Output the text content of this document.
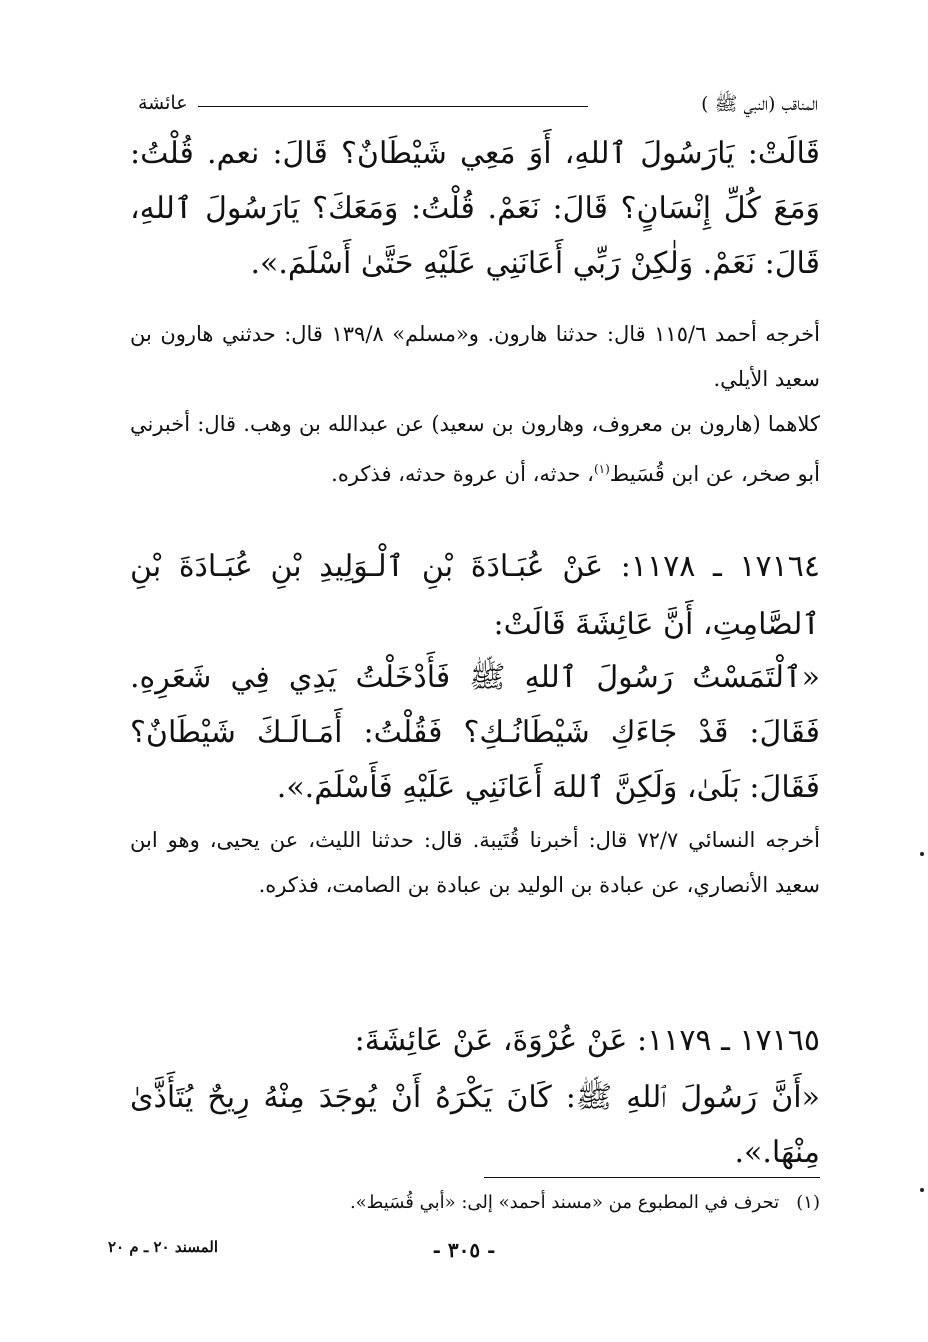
المناقب (النبي ﷺ )
عائشة
قَالَتْ: يَارَسُولَ ٱللهِ، أَوَ مَعِي شَيْطَانٌ؟ قَالَ: نعم. قُلْتُ: وَمَعَ كُلِّ إِنْسَانٍ؟ قَالَ: نَعَمْ. قُلْتُ: وَمَعَكَ؟ يَارَسُولَ ٱللهِ، قَالَ: نَعَمْ. وَلٰكِنْ رَبِّي أَعَانَنِي عَلَيْهِ حَتَّىٰ أَسْلَمَ.».
أخرجه أحمد ١١٥/٦ قال: حدثنا هارون. و«مسلم» ١٣٩/٨ قال: حدثني هارون بن سعيد الأيلي.
كلاهما (هارون بن معروف، وهارون بن سعيد) عن عبدالله بن وهب. قال: أخبرني أبو صخر، عن ابن قُسَيط$^{(١)}$، حدثه، أن عروة حدثه، فذكره.
١٧١٦٤ ـ ١١٧٨: عَنْ عُبَـادَةَ بْنِ ٱلْـوَلِيدِ بْنِ عُبَـادَةَ بْنِ ٱلصَّامِتِ، أَنَّ عَائِشَةَ قَالَتْ:
«ٱلْتَمَسْتُ رَسُولَ ٱللهِ ﷺ فَأَدْخَلْتُ يَدِي فِي شَعَرِهِ. فَقَالَ: قَدْ جَاءَكِ شَيْطَانُـكِ؟ فَقُلْتُ: أَمَـالَـكَ شَيْطَانٌ؟ فَقَالَ: بَلَىٰ، وَلَكِنَّ ٱللهَ أَعَانَنِي عَلَيْهِ فَأَسْلَمَ.».
أخرجه النسائي ٧٢/٧ قال: أخبرنا قُتَيبة. قال: حدثنا الليث، عن يحيى، وهو ابن سعيد الأنصاري، عن عبادة بن الوليد بن عبادة بن الصامت، فذكره.
١٧١٦٥ ـ ١١٧٩: عَنْ عُرْوَةَ، عَنْ عَائِشَةَ:
«أَنَّ رَسُولَ ٱللهِ ﷺ: كَانَ يَكْرَهُ أَنْ يُوجَدَ مِنْهُ رِيحٌ يُتَأَذَّىٰ مِنْهَا.».
(١)   تحرف في المطبوع من «مسند أحمد» إلى: «أبي قُسَيط».
المسند ٢٠ ـ م ٢٠	- ٣٠٥ -
